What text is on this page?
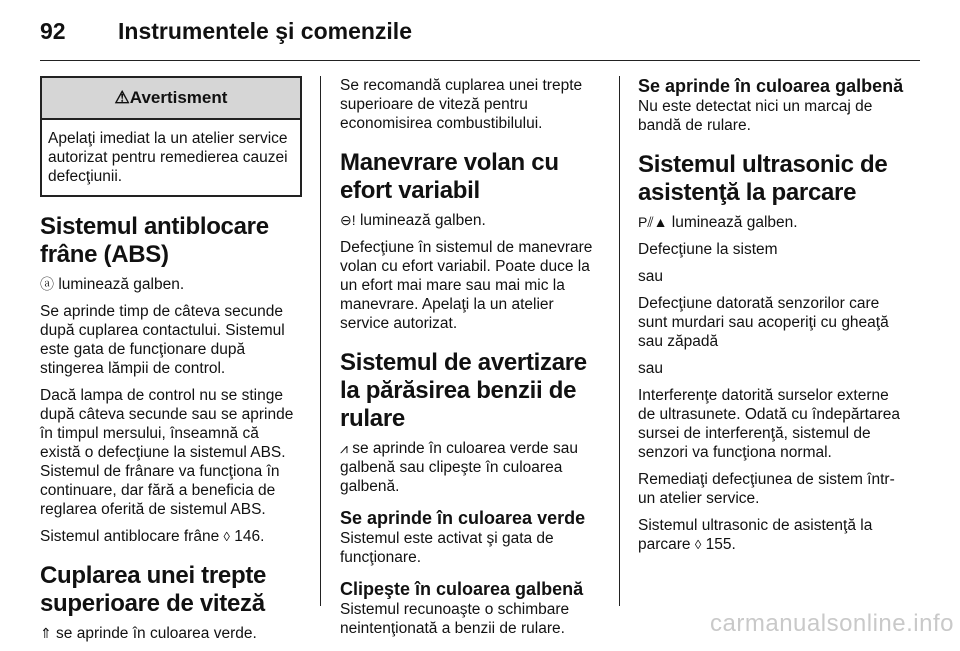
92 Instrumentele şi comenzile
⚠Avertisment
Apelaţi imediat la un atelier service autorizat pentru remedierea cauzei defecţiunii.
Sistemul antiblocare frâne (ABS)

ⓐ luminează galben.

Se aprinde timp de câteva secunde după cuplarea contactului. Sistemul este gata de funcţionare după stingerea lămpii de control.

Dacă lampa de control nu se stinge după câteva secunde sau se aprinde în timpul mersului, înseamnă că există o defecţiune la sistemul ABS. Sistemul de frânare va funcţiona în continuare, dar fără a beneficia de reglarea oferită de sistemul ABS.

Sistemul antiblocare frâne ◊ 146.

Cuplarea unei trepte superioare de viteză

⇑ se aprinde în culoarea verde.

Se recomandă cuplarea unei trepte superioare de viteză pentru economisirea combustibilului.

Manevrare volan cu efort variabil

⊖! luminează galben.

Defecţiune în sistemul de manevrare volan cu efort variabil. Poate duce la un efort mai mare sau mai mic la manevrare. Apelaţi la un atelier service autorizat.

Sistemul de avertizare la părăsirea benzii de rulare

⩘ se aprinde în culoarea verde sau galbenă sau clipeşte în culoarea galbenă.

Se aprinde în culoarea verde

Sistemul este activat şi gata de funcţionare.

Clipeşte în culoarea galbenă

Sistemul recunoaşte o schimbare neintenţionată a benzii de rulare.

Se aprinde în culoarea galbenă

Nu este detectat nici un marcaj de bandă de rulare.

Sistemul ultrasonic de asistenţă la parcare

P⫽▲ luminează galben.

Defecţiune la sistem

sau

Defecţiune datorată senzorilor care sunt murdari sau acoperiţi cu gheaţă sau zăpadă

sau

Interferenţe datorită surselor externe de ultrasunete. Odată cu îndepărtarea sursei de interferenţă, sistemul de senzori va funcţiona normal.

Remediaţi defecţiunea de sistem într-un atelier service.

Sistemul ultrasonic de asistenţă la parcare ◊ 155.

carmanualsonline.info
